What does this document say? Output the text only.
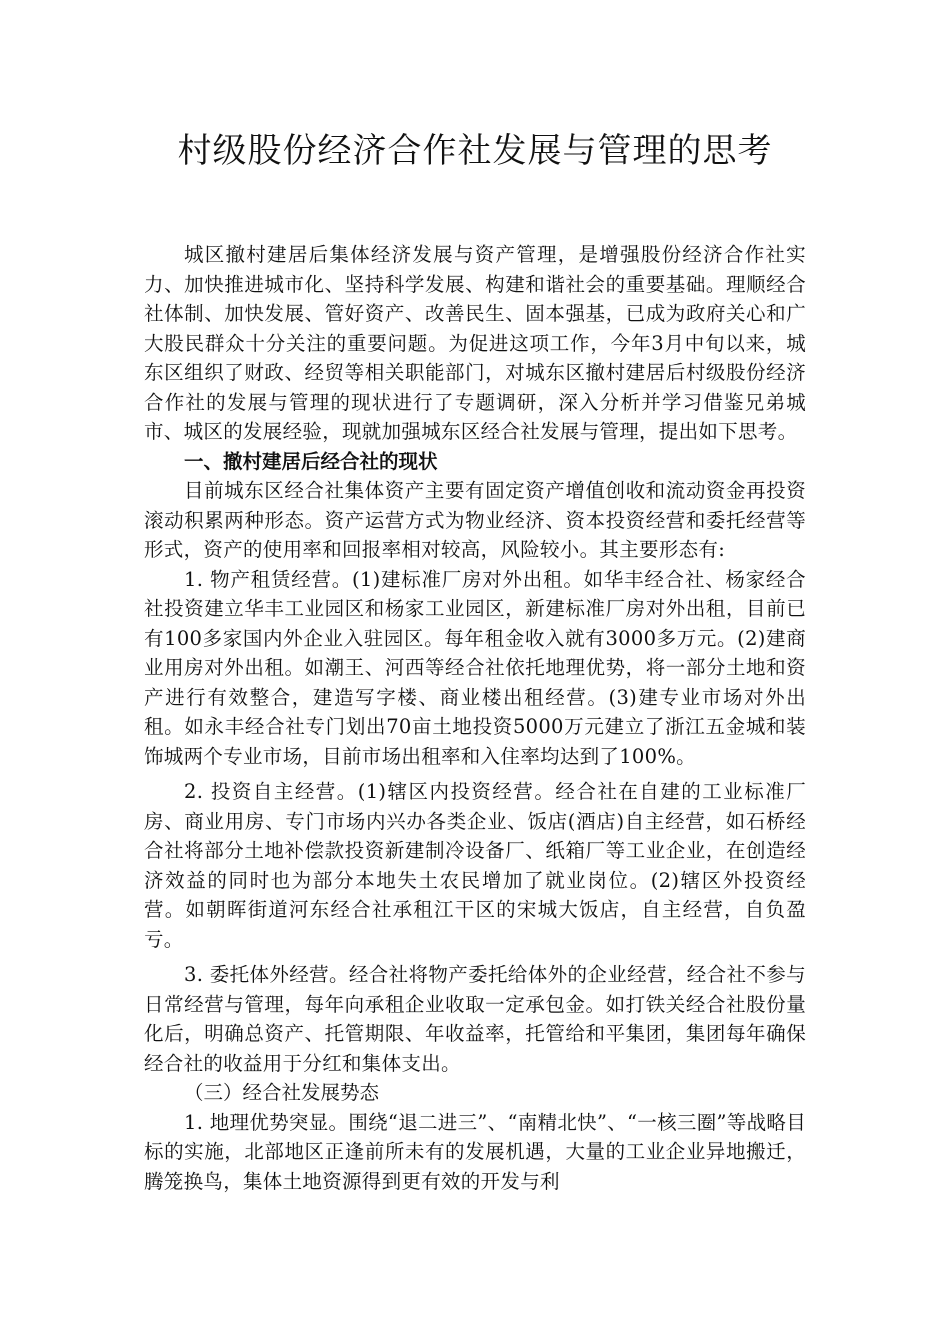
村级股份经济合作社发展与管理的思考

城区撤村建居后集体经济发展与资产管理，是增强股份经济合作社实力、加快推进城市化、坚持科学发展、构建和谐社会的重要基础。理顺经合社体制、加快发展、管好资产、改善民生、固本强基，已成为政府关心和广大股民群众十分关注的重要问题。为促进这项工作，今年3月中旬以来，城东区组织了财政、经贸等相关职能部门，对城东区撤村建居后村级股份经济合作社的发展与管理的现状进行了专题调研，深入分析并学习借鉴兄弟城市、城区的发展经验，现就加强城东区经合社发展与管理，提出如下思考。

一、撤村建居后经合社的现状

目前城东区经合社集体资产主要有固定资产增值创收和流动资金再投资滚动积累两种形态。资产运营方式为物业经济、资本投资经营和委托经营等形式，资产的使用率和回报率相对较高，风险较小。其主要形态有:

1. 物产租赁经营。(1)建标准厂房对外出租。如华丰经合社、杨家经合社投资建立华丰工业园区和杨家工业园区，新建标准厂房对外出租，目前已有100多家国内外企业入驻园区。每年租金收入就有3000多万元。(2)建商业用房对外出租。如潮王、河西等经合社依托地理优势，将一部分土地和资产进行有效整合，建造写字楼、商业楼出租经营。(3)建专业市场对外出租。如永丰经合社专门划出70亩土地投资5000万元建立了浙江五金城和装饰城两个专业市场，目前市场出租率和入住率均达到了100%。

2. 投资自主经营。(1)辖区内投资经营。经合社在自建的工业标准厂房、商业用房、专门市场内兴办各类企业、饭店(酒店)自主经营，如石桥经合社将部分土地补偿款投资新建制冷设备厂、纸箱厂等工业企业，在创造经济效益的同时也为部分本地失土农民增加了就业岗位。(2)辖区外投资经营。如朝晖街道河东经合社承租江干区的宋城大饭店，自主经营，自负盈亏。

3. 委托体外经营。经合社将物产委托给体外的企业经营，经合社不参与日常经营与管理，每年向承租企业收取一定承包金。如打铁关经合社股份量化后，明确总资产、托管期限、年收益率，托管给和平集团，集团每年确保经合社的收益用于分红和集体支出。

（三）经合社发展势态

1. 地理优势突显。围绕“退二进三”、“南精北快”、“一核三圈”等战略目标的实施，北部地区正逢前所未有的发展机遇，大量的工业企业异地搬迁，腾笼换鸟，集体土地资源得到更有效的开发与利
